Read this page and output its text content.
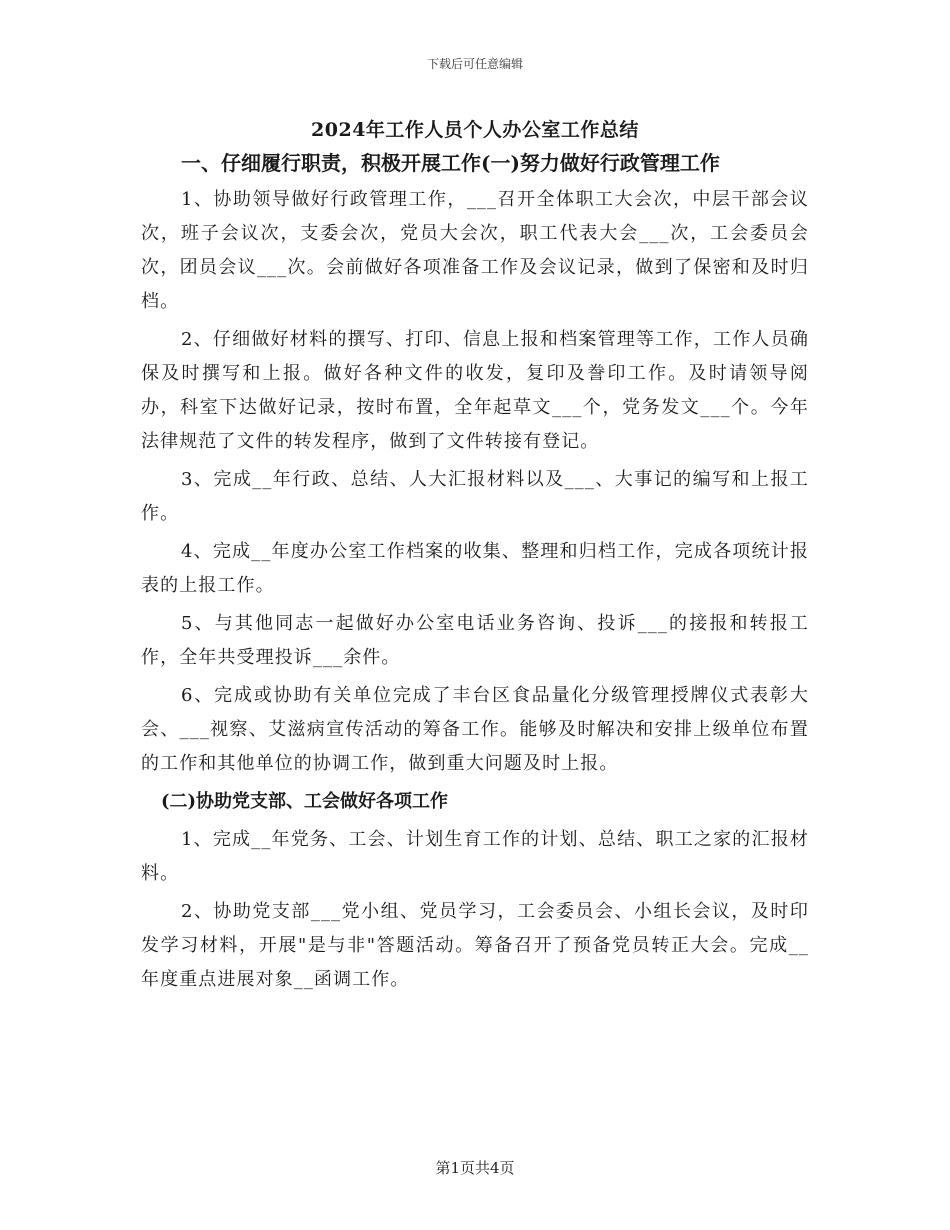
下载后可任意编辑
2024年工作人员个人办公室工作总结

一、仔细履行职责，积极开展工作(一)努力做好行政管理工作

1、协助领导做好行政管理工作，___召开全体职工大会次，中层干部会议次，班子会议次，支委会次，党员大会次，职工代表大会___次，工会委员会次，团员会议___次。会前做好各项准备工作及会议记录，做到了保密和及时归档。

2、仔细做好材料的撰写、打印、信息上报和档案管理等工作，工作人员确保及时撰写和上报。做好各种文件的收发，复印及誊印工作。及时请领导阅办，科室下达做好记录，按时布置，全年起草文___个，党务发文___个。今年法律规范了文件的转发程序，做到了文件转接有登记。

3、完成__年行政、总结、人大汇报材料以及___、大事记的编写和上报工作。

4、完成__年度办公室工作档案的收集、整理和归档工作，完成各项统计报表的上报工作。

5、与其他同志一起做好办公室电话业务咨询、投诉___的接报和转报工作，全年共受理投诉___余件。

6、完成或协助有关单位完成了丰台区食品量化分级管理授牌仪式表彰大会、___视察、艾滋病宣传活动的筹备工作。能够及时解决和安排上级单位布置的工作和其他单位的协调工作，做到重大问题及时上报。

(二)协助党支部、工会做好各项工作

1、完成__年党务、工会、计划生育工作的计划、总结、职工之家的汇报材料。

2、协助党支部___党小组、党员学习，工会委员会、小组长会议，及时印发学习材料，开展"是与非"答题活动。筹备召开了预备党员转正大会。完成__年度重点进展对象__函调工作。

第1页共4页
